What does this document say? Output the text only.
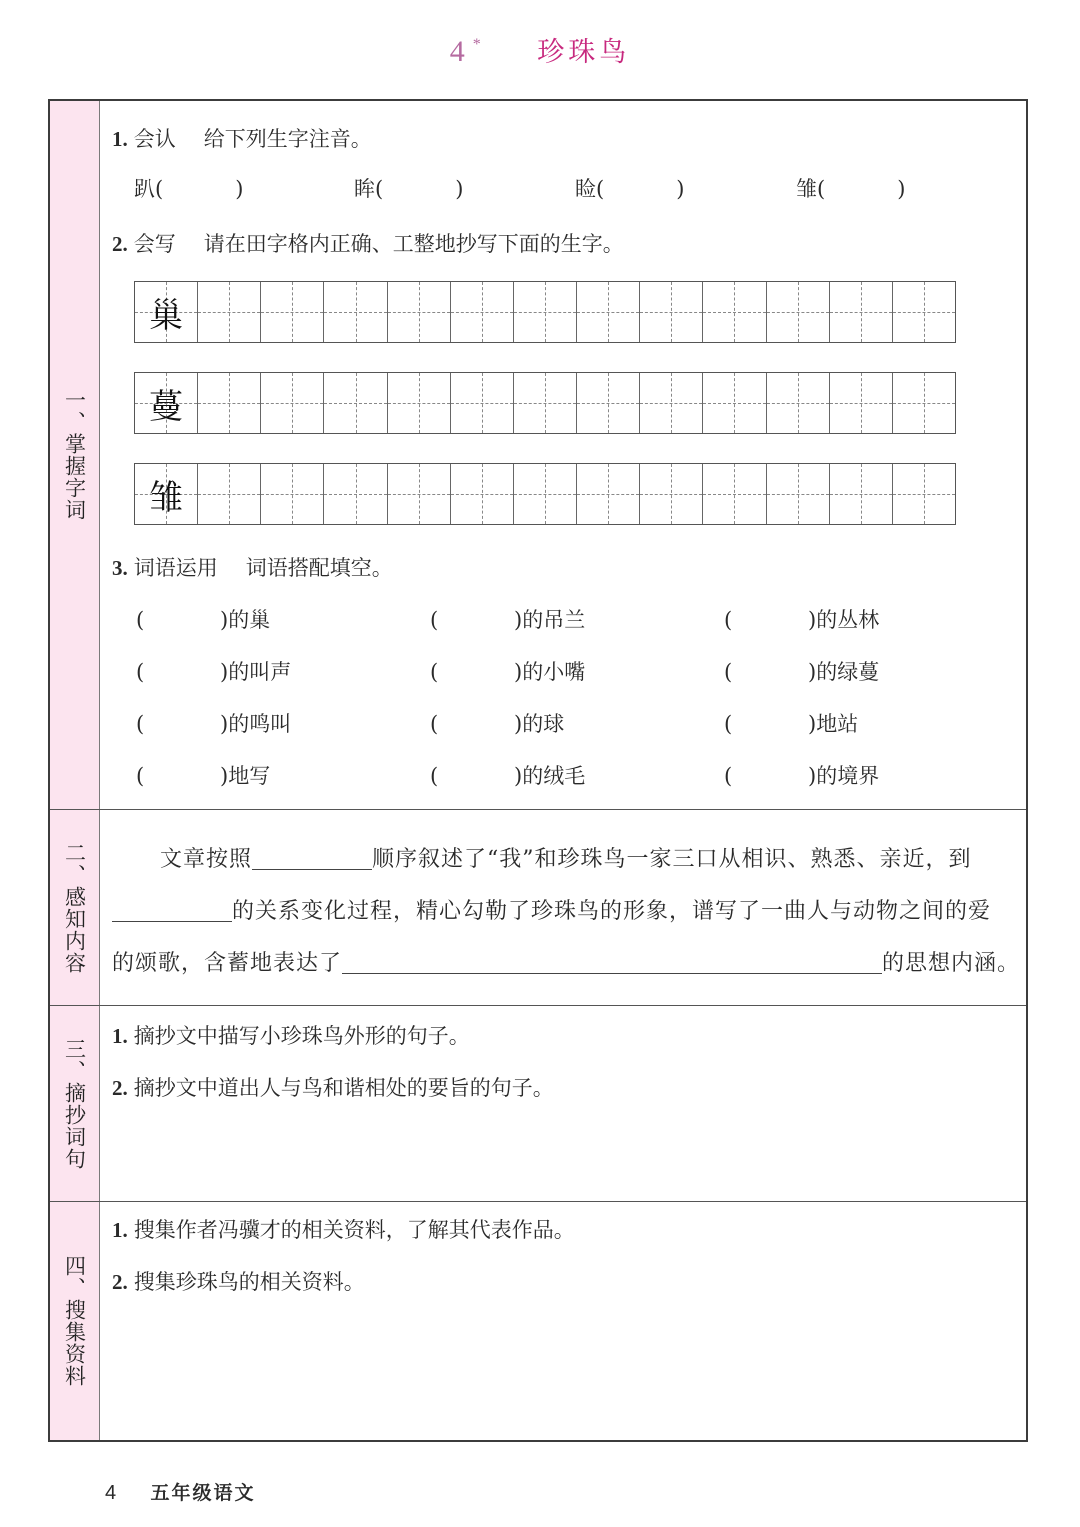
4 * 珍珠鸟
一、掌握字词
1. 会认 给下列生字注音。
趴(	)	眸(	)	睑(	)	雏(	)
2. 会写 请在田字格内正确、工整地抄写下面的生字。
巢
蔓
雏
3. 词语运用 词语搭配填空。
(	)的巢	(	)的吊兰	(	)的丛林
(	)的叫声	(	)的小嘴	(	)的绿蔓
(	)的鸣叫	(	)的球	(	)地站
(	)地写	(	)的绒毛	(	)的境界
二、感知内容	文章按照	顺序叙述了“我”和珍珠鸟一家三口从相识、熟悉、亲近，到
的关系变化过程，精心勾勒了珍珠鸟的形象，谱写了一曲人与动物之间的爱
的颂歌，含蓄地表达了	的思想内涵。
三、摘抄词句
1. 摘抄文中描写小珍珠鸟外形的句子。
2. 摘抄文中道出人与鸟和谐相处的要旨的句子。
四、搜集资料
1. 搜集作者冯骥才的相关资料，了解其代表作品。
2. 搜集珍珠鸟的相关资料。
4 五年级语文
